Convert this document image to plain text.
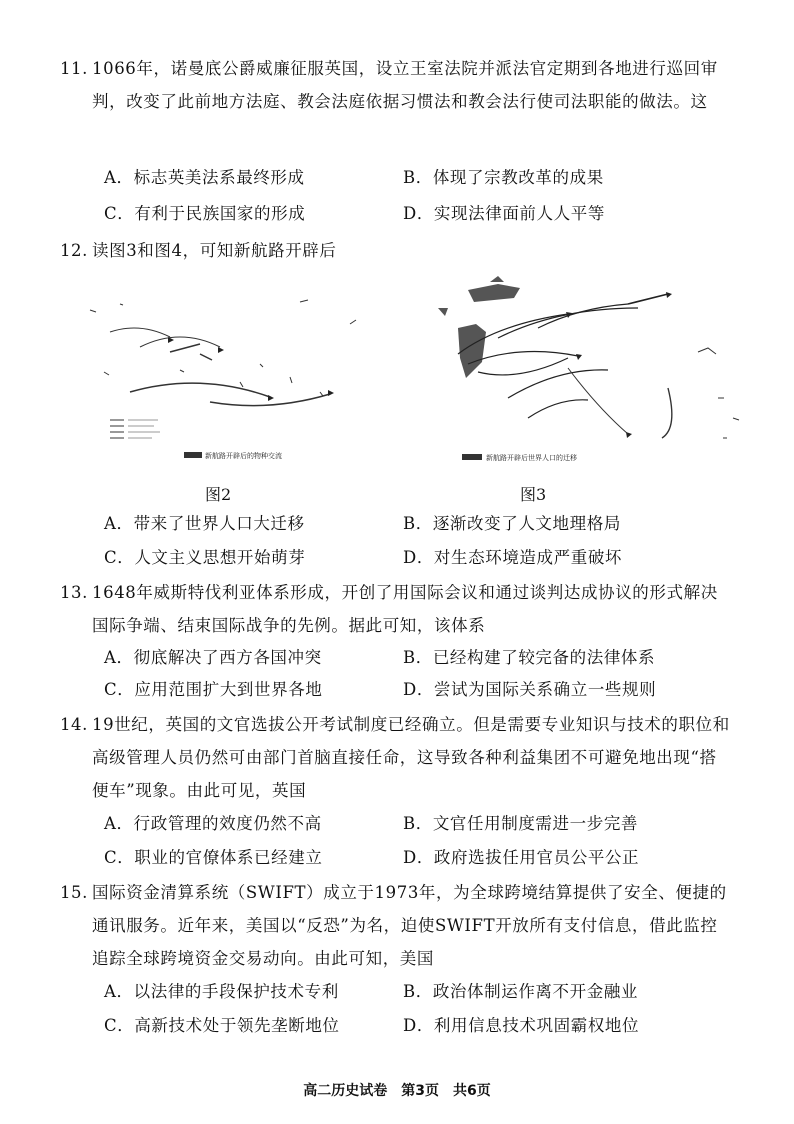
11. 1066年，诺曼底公爵威廉征服英国，设立王室法院并派法官定期到各地进行巡回审判，改变了此前地方法庭、教会法庭依据习惯法和教会法行使司法职能的做法。这
A．标志英美法系最终形成	B．体现了宗教改革的成果
C．有利于民族国家的形成	D．实现法律面前人人平等
12. 读图3和图4，可知新航路开辟后
新航路开辟后的物种交流	新航路开辟后世界人口的迁移
图2	图3
A．带来了世界人口大迁移	B．逐渐改变了人文地理格局
C．人文主义思想开始萌芽	D．对生态环境造成严重破坏
13. 1648年威斯特伐利亚体系形成，开创了用国际会议和通过谈判达成协议的形式解决国际争端、结束国际战争的先例。据此可知，该体系
A．彻底解决了西方各国冲突	B．已经构建了较完备的法律体系
C．应用范围扩大到世界各地	D．尝试为国际关系确立一些规则
14. 19世纪，英国的文官选拔公开考试制度已经确立。但是需要专业知识与技术的职位和高级管理人员仍然可由部门首脑直接任命，这导致各种利益集团不可避免地出现“搭便车”现象。由此可见，英国
A．行政管理的效度仍然不高	B．文官任用制度需进一步完善
C．职业的官僚体系已经建立	D．政府选拔任用官员公平公正
15. 国际资金清算系统（SWIFT）成立于1973年，为全球跨境结算提供了安全、便捷的通讯服务。近年来，美国以“反恐”为名，迫使SWIFT开放所有支付信息，借此监控追踪全球跨境资金交易动向。由此可知，美国
A．以法律的手段保护技术专利	B．政治体制运作离不开金融业
C．高新技术处于领先垄断地位	D．利用信息技术巩固霸权地位
高二历史试卷　第3页　共6页
